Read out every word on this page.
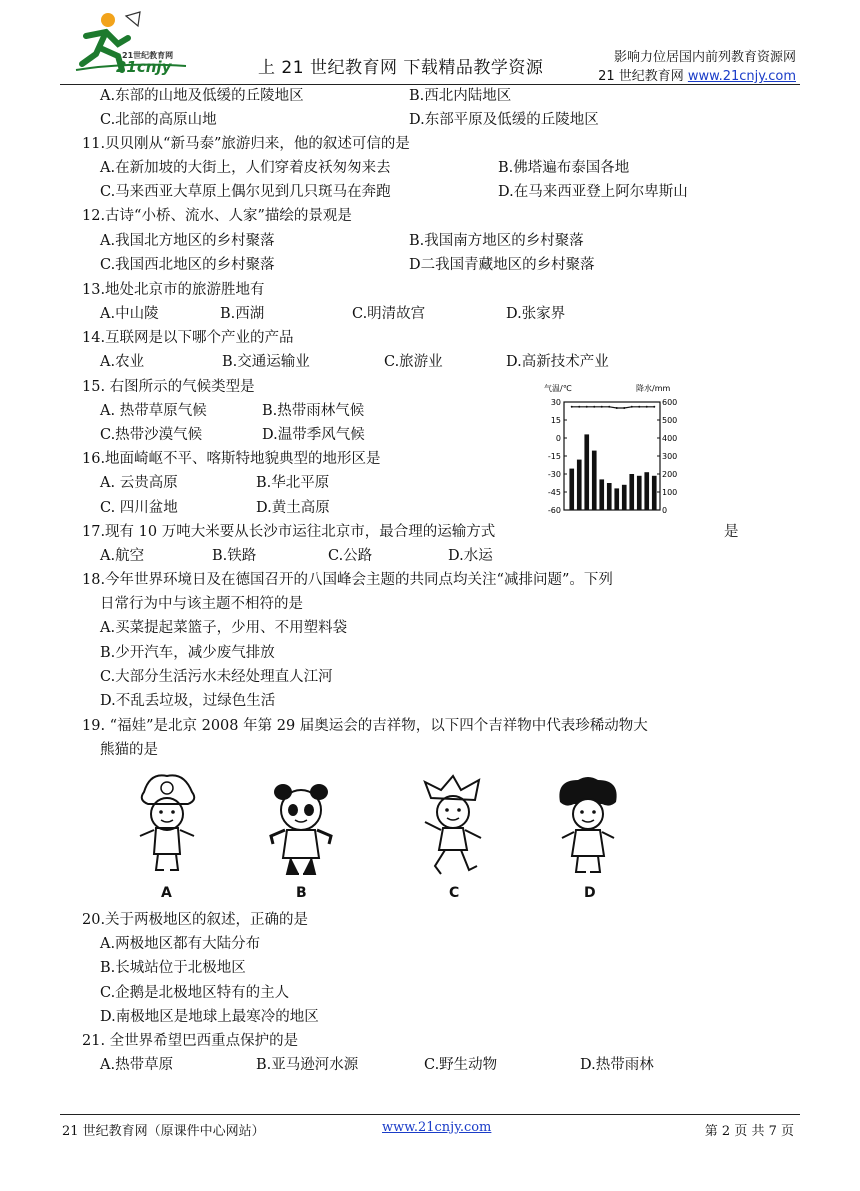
21世纪教育网
21cnjy	上 21 世纪教育网 下载精品教学资源
影响力位居国内前列教育资源网
21 世纪教育网 www.21cnjy.com
A.东部的山地及低缓的丘陵地区	B.西北内陆地区
C.北部的高原山地	D.东部平原及低缓的丘陵地区
11.贝贝刚从“新马泰”旅游归来，他的叙述可信的是
A.在新加坡的大街上，人们穿着皮袄匆匆来去	B.佛塔遍布泰国各地
C.马来西亚大草原上偶尔见到几只斑马在奔跑	D.在马来西亚登上阿尔卑斯山
12.古诗“小桥、流水、人家”描绘的景观是
A.我国北方地区的乡村聚落	B.我国南方地区的乡村聚落
C.我国西北地区的乡村聚落	D二我国青藏地区的乡村聚落
13.地处北京市的旅游胜地有
A.中山陵	B.西湖	C.明清故宫	D.张家界
14.互联网是以下哪个产业的产品
A.农业	B.交通运输业	C.旅游业	D.高新技术产业
15. 右图所示的气候类型是
A. 热带草原气候	B.热带雨林气候
C.热带沙漠气候	D.温带季风气候
气温/℃	降水/mm
30
15
0
-15
-30
-45
-60
600
500
400
300
200
100
0
16.地面崎岖不平、喀斯特地貌典型的地形区是
A. 云贵高原	B.华北平原
C. 四川盆地	D.黄土高原
17.现有 10 万吨大米要从长沙市运往北京市，最合理的运输方式	是
A.航空	B.铁路	C.公路	D.水运
18.今年世界环境日及在德国召开的八国峰会主题的共同点均关注“减排问题”。下列
日常行为中与该主题不相符的是
A.买菜提起菜篮子，少用、不用塑料袋
B.少开汽车，减少废气排放
C.大部分生活污水未经处理直人江河
D.不乱丢垃圾，过绿色生活
19. “福娃”是北京 2008 年第 29 届奥运会的吉祥物，以下四个吉祥物中代表珍稀动物大
熊猫的是
A	B	C	D
20.关于两极地区的叙述，正确的是
A.两极地区都有大陆分布
B.长城站位于北极地区
C.企鹅是北极地区特有的主人
D.南极地区是地球上最寒冷的地区
21. 全世界希望巴西重点保护的是
A.热带草原	B.亚马逊河水源	C.野生动物	D.热带雨林
21 世纪教育网（原课件中心网站）	www.21cnjy.com	第 2 页 共 7 页
